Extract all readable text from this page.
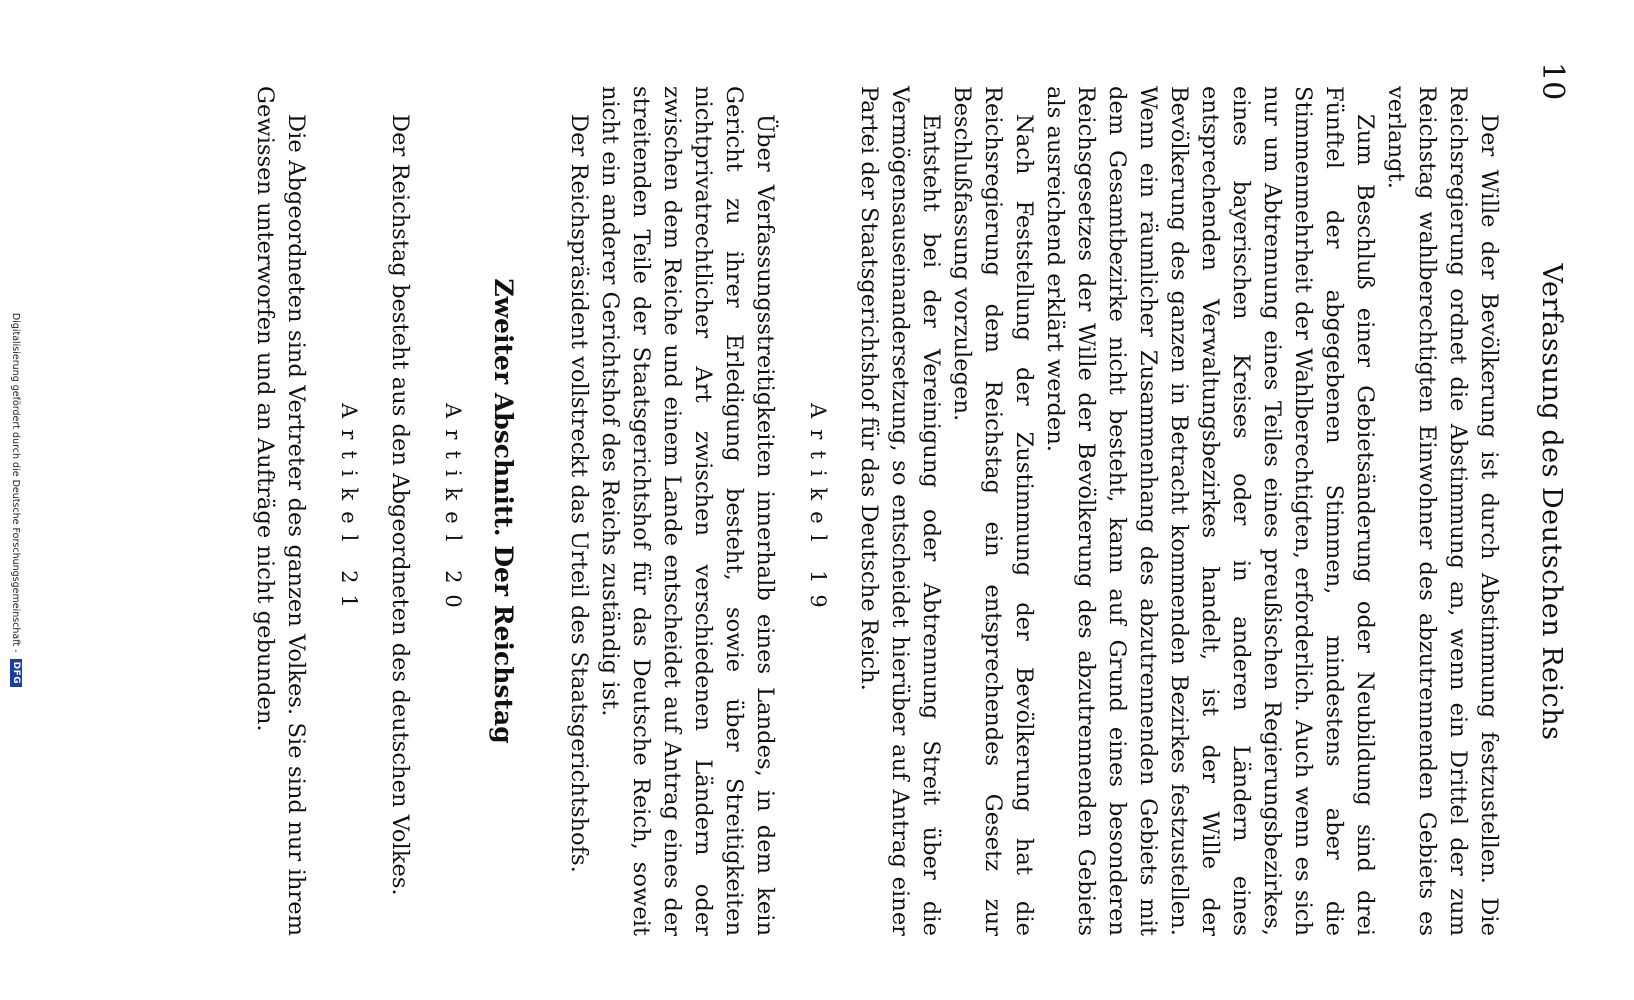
10
Verfassung des Deutschen Reichs

Der Wille der Bevölkerung ist durch Abstimmung festzustellen. Die Reichsregierung ordnet die Abstimmung an, wenn ein Drittel der zum Reichstag wahlberechtigten Einwohner des abzutrennenden Gebiets es verlangt.

Zum Beschluß einer Gebietsänderung oder Neubildung sind drei Fünftel der abgegebenen Stimmen, mindestens aber die Stimmenmehrheit der Wahlberechtigten, erforderlich. Auch wenn es sich nur um Abtrennung eines Teiles eines preußischen Regierungsbezirkes, eines bayerischen Kreises oder in anderen Ländern eines entsprechenden Verwaltungsbezirkes handelt, ist der Wille der Bevölkerung des ganzen in Betracht kommenden Bezirkes festzustellen. Wenn ein räumlicher Zusammenhang des abzutrennenden Gebiets mit dem Gesamtbezirke nicht besteht, kann auf Grund eines besonderen Reichsgesetzes der Wille der Bevölkerung des abzutrennenden Gebiets als ausreichend erklärt werden.

Nach Feststellung der Zustimmung der Bevölkerung hat die Reichsregierung dem Reichstag ein entsprechendes Gesetz zur Beschlußfassung vorzulegen.

Entsteht bei der Vereinigung oder Abtrennung Streit über die Vermögensauseinandersetzung, so entscheidet hierüber auf Antrag einer Partei der Staatsgerichtshof für das Deutsche Reich.

Artikel 19

Über Verfassungsstreitigkeiten innerhalb eines Landes, in dem kein Gericht zu ihrer Erledigung besteht, sowie über Streitigkeiten nichtprivatrechtlicher Art zwischen verschiedenen Ländern oder zwischen dem Reiche und einem Lande entscheidet auf Antrag eines der streitenden Teile der Staatsgerichtshof für das Deutsche Reich, soweit nicht ein anderer Gerichtshof des Reichs zuständig ist.

Der Reichspräsident vollstreckt das Urteil des Staatsgerichtshofs.

Zweiter Abschnitt. Der Reichstag
Artikel 20

Der Reichstag besteht aus den Abgeordneten des deutschen Volkes.

Artikel 21

Die Abgeordneten sind Vertreter des ganzen Volkes. Sie sind nur ihrem Gewissen unterworfen und an Aufträge nicht gebunden.

Digitalisierung gefördert durch die Deutsche Forschungsgemeinschaft -
DFG
